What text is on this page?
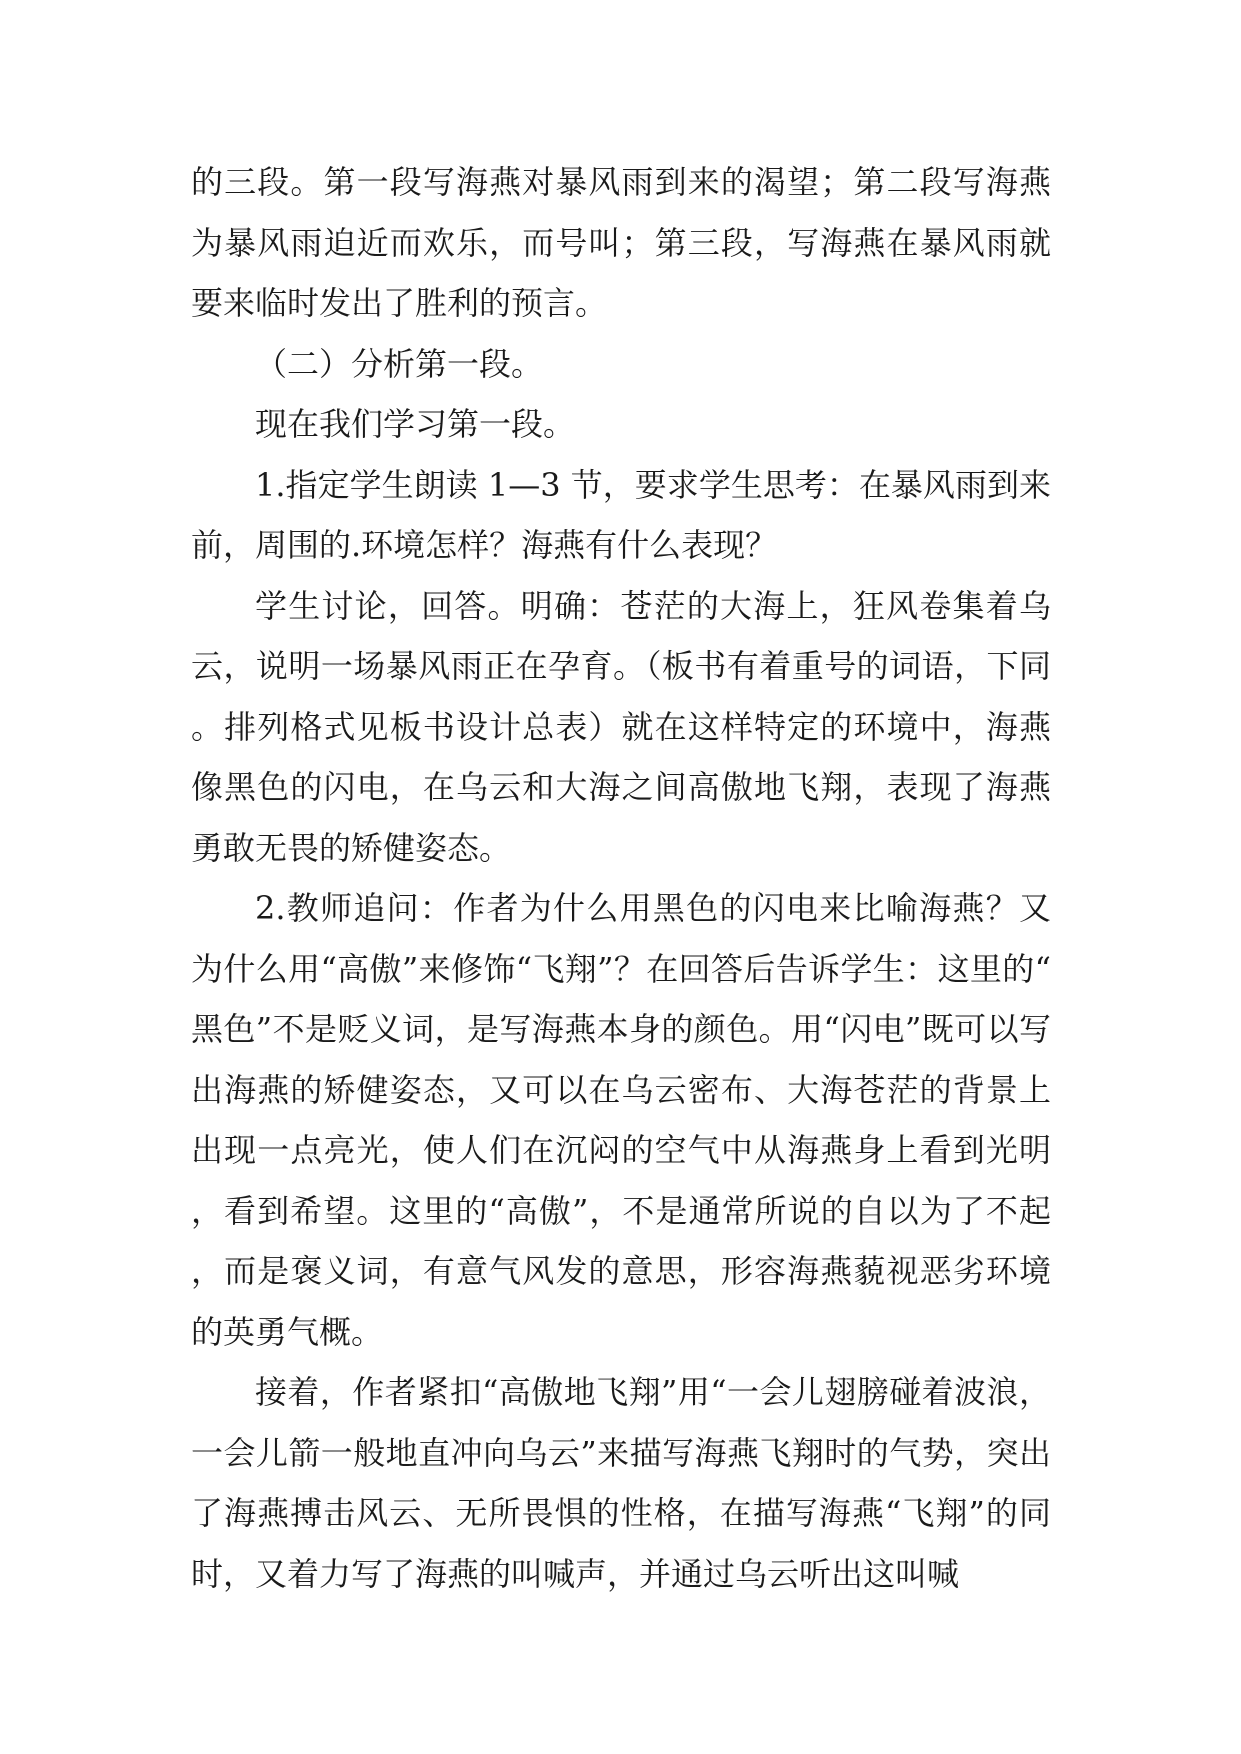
的三段。第一段写海燕对暴风雨到来的渴望；第二段写海燕为暴风雨迫近而欢乐，而号叫；第三段，写海燕在暴风雨就要来临时发出了胜利的预言。

（二）分析第一段。

现在我们学习第一段。

1.指定学生朗读 1—3 节，要求学生思考：在暴风雨到来前，周围的.环境怎样？海燕有什么表现？

学生讨论，回答。明确：苍茫的大海上，狂风卷集着乌云，说明一场暴风雨正在孕育。（板书有着重号的词语，下同。排列格式见板书设计总表）就在这样特定的环境中，海燕像黑色的闪电，在乌云和大海之间高傲地飞翔，表现了海燕勇敢无畏的矫健姿态。

2.教师追问：作者为什么用黑色的闪电来比喻海燕？又为什么用“高傲”来修饰“飞翔”？在回答后告诉学生：这里的“黑色”不是贬义词，是写海燕本身的颜色。用“闪电”既可以写出海燕的矫健姿态，又可以在乌云密布、大海苍茫的背景上出现一点亮光，使人们在沉闷的空气中从海燕身上看到光明，看到希望。这里的“高傲”，不是通常所说的自以为了不起，而是褒义词，有意气风发的意思，形容海燕藐视恶劣环境的英勇气概。

接着，作者紧扣“高傲地飞翔”用“一会儿翅膀碰着波浪，一会儿箭一般地直冲向乌云”来描写海燕飞翔时的气势，突出了海燕搏击风云、无所畏惧的性格，在描写海燕“飞翔”的同时，又着力写了海燕的叫喊声，并通过乌云听出这叫喊
